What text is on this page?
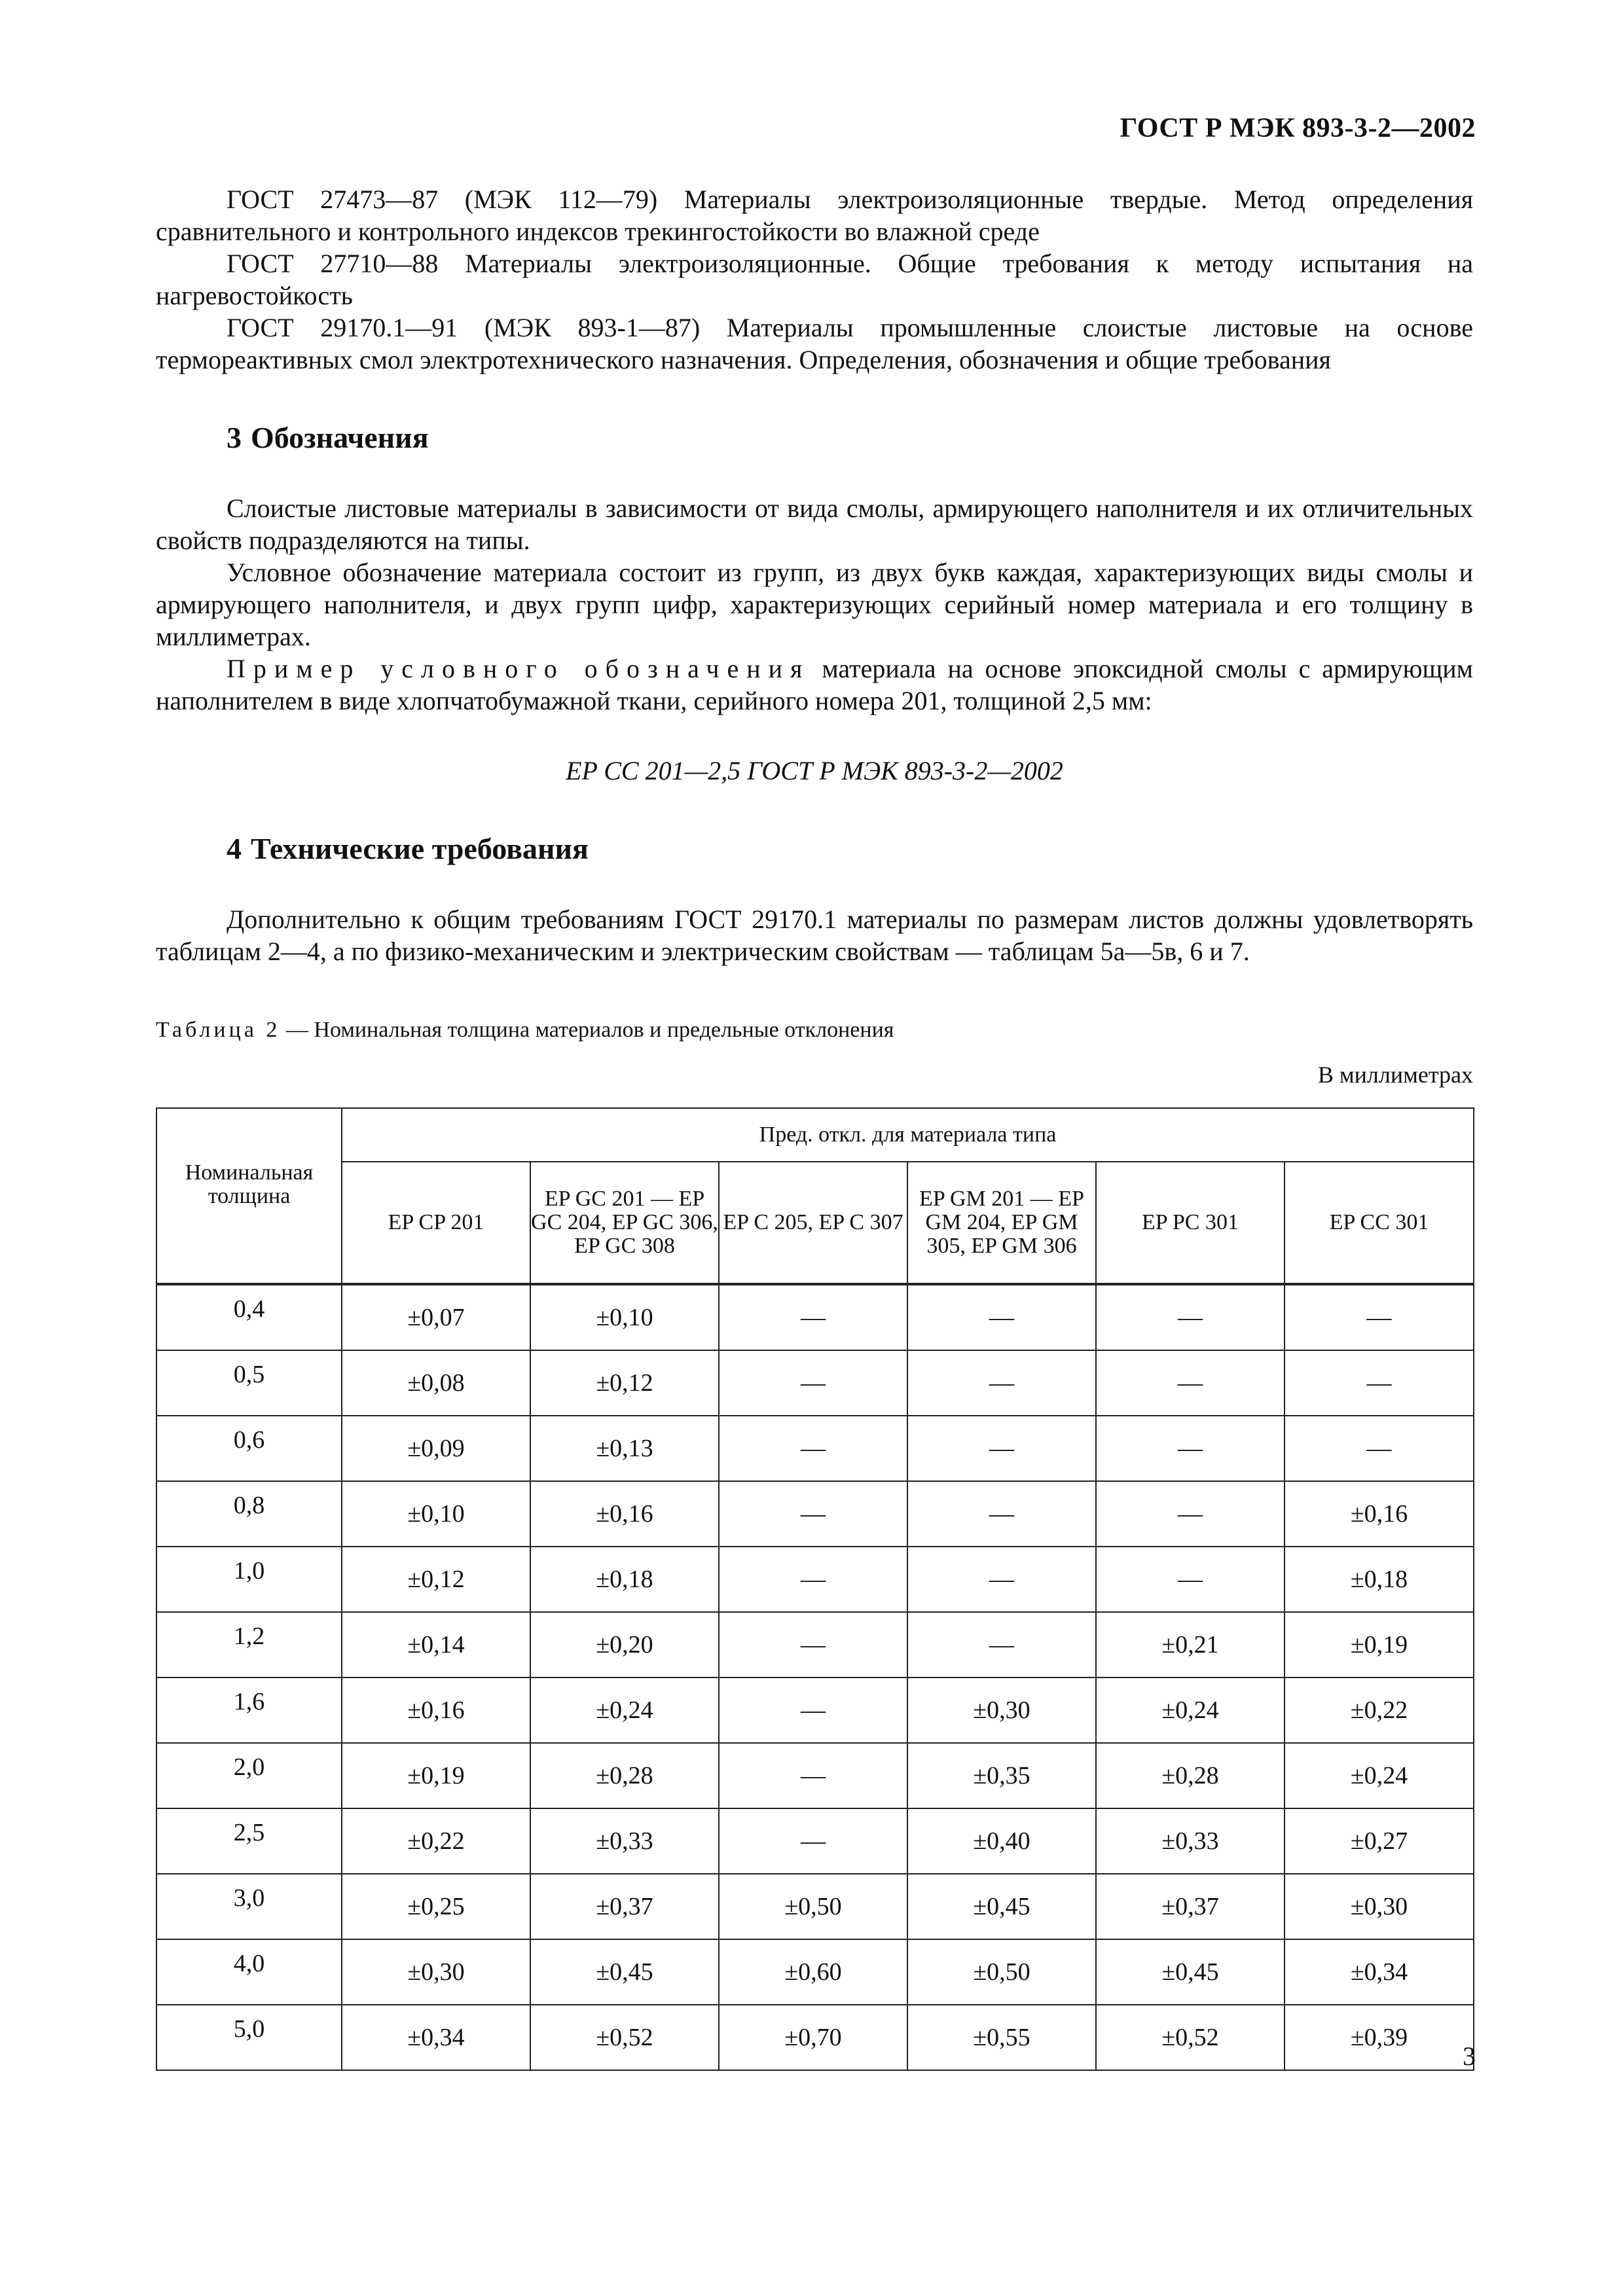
ГОСТ Р МЭК 893-3-2—2002

ГОСТ 27473—87 (МЭК 112—79) Материалы электроизоляционные твердые. Метод определения сравнительного и контрольного индексов трекингостойкости во влажной среде

ГОСТ 27710—88 Материалы электроизоляционные. Общие требования к методу испытания на нагревостойкость

ГОСТ 29170.1—91 (МЭК 893-1—87) Материалы промышленные слоистые листовые на основе термореактивных смол электротехнического назначения. Определения, обозначения и общие требования

3 Обозначения

Слоистые листовые материалы в зависимости от вида смолы, армирующего наполнителя и их отличительных свойств подразделяются на типы.

Условное обозначение материала состоит из групп, из двух букв каждая, характеризующих виды смолы и армирующего наполнителя, и двух групп цифр, характеризующих серийный номер материала и его толщину в миллиметрах.

Пример условного обозначения материала на основе эпоксидной смолы с армирующим наполнителем в виде хлопчатобумажной ткани, серийного номера 201, толщиной 2,5 мм:

EP CC 201—2,5 ГОСТ Р МЭК 893-3-2—2002

4 Технические требования

Дополнительно к общим требованиям ГОСТ 29170.1 материалы по размерам листов должны удовлетворять таблицам 2—4, а по физико-механическим и электрическим свойствам — таблицам 5а—5в, 6 и 7.

Таблица 2 — Номинальная толщина материалов и предельные отклонения
В миллиметрах
Номинальная толщина	Пред. откл. для материала типа					
	EP CP 201	EP GC 201 — EP GC 204, EP GC 306, EP GC 308	EP C 205, EP C 307	EP GM 201 — EP GM 204, EP GM 305, EP GM 306	EP PC 301	EP CC 301
0,4	±0,07	±0,10	—	—	—	—
0,5	±0,08	±0,12	—	—	—	—
0,6	±0,09	±0,13	—	—	—	—
0,8	±0,10	±0,16	—	—	—	±0,16
1,0	±0,12	±0,18	—	—	—	±0,18
1,2	±0,14	±0,20	—	—	±0,21	±0,19
1,6	±0,16	±0,24	—	±0,30	±0,24	±0,22
2,0	±0,19	±0,28	—	±0,35	±0,28	±0,24
2,5	±0,22	±0,33	—	±0,40	±0,33	±0,27
3,0	±0,25	±0,37	±0,50	±0,45	±0,37	±0,30
4,0	±0,30	±0,45	±0,60	±0,50	±0,45	±0,34
5,0	±0,34	±0,52	±0,70	±0,55	±0,52	±0,39
3
